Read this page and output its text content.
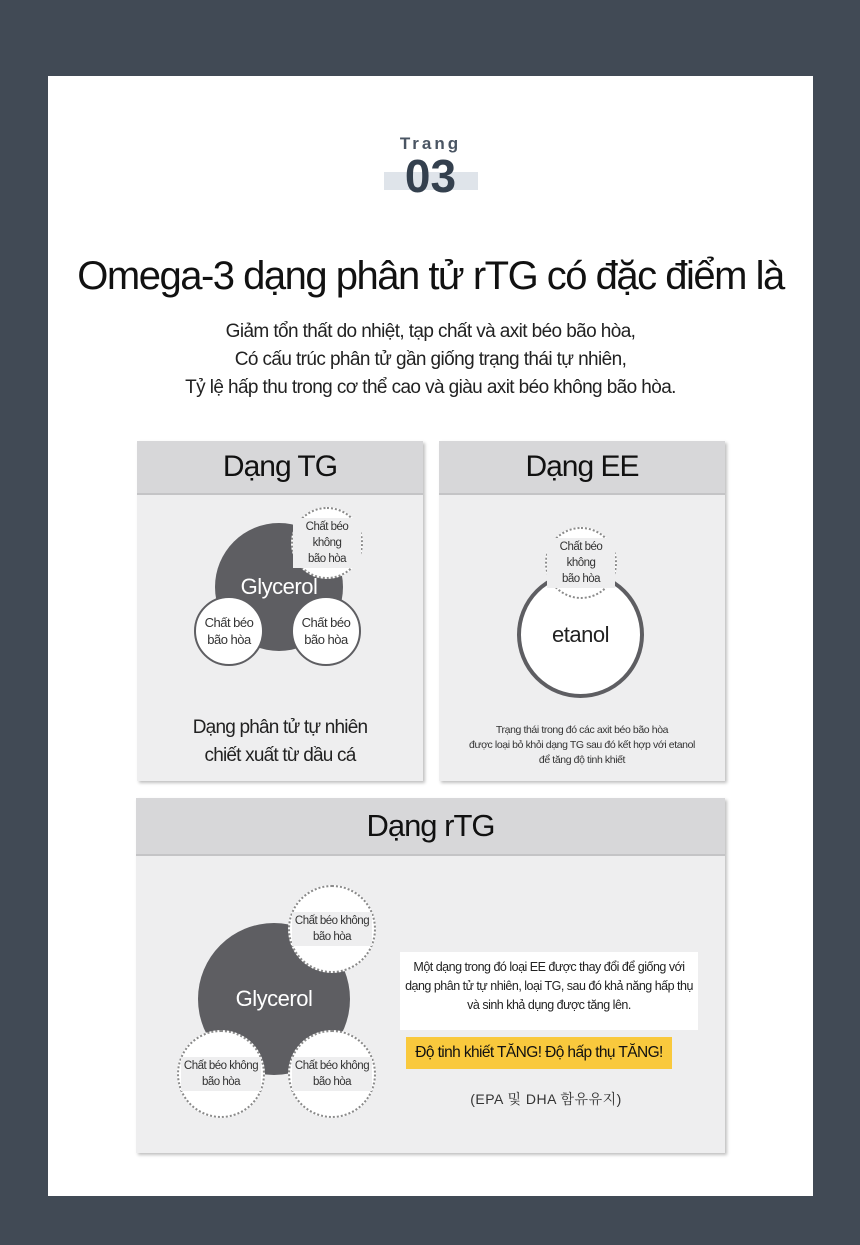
Trang
03
Omega-3 dạng phân tử rTG có đặc điểm là
Giảm tổn thất do nhiệt, tạp chất và axit béo bão hòa,
Có cấu trúc phân tử gần giống trạng thái tự nhiên,
Tỷ lệ hấp thu trong cơ thể cao và giàu axit béo không bão hòa.
Dạng TG
Glycerol
Chất béo không
bão hòa
Chất béo
bão hòa
Chất béo
bão hòa
Dạng phân tử tự nhiên
chiết xuất từ dầu cá
Dạng EE
etanol
Chất béo không
bão hòa
Trạng thái trong đó các axit béo bão hòa
được loại bỏ khỏi dạng TG sau đó kết hợp với etanol
để tăng độ tinh khiết
Dạng rTG
Glycerol
Chất béo không
bão hòa
Chất béo không
bão hòa
Chất béo không
bão hòa
Một dạng trong đó loại EE được thay đổi để giống với
dạng phân tử tự nhiên, loại TG, sau đó khả năng hấp thụ
và sinh khả dụng được tăng lên.
Độ tinh khiết TĂNG! Độ hấp thụ TĂNG!
(EPA 및 DHA 함유유지)
